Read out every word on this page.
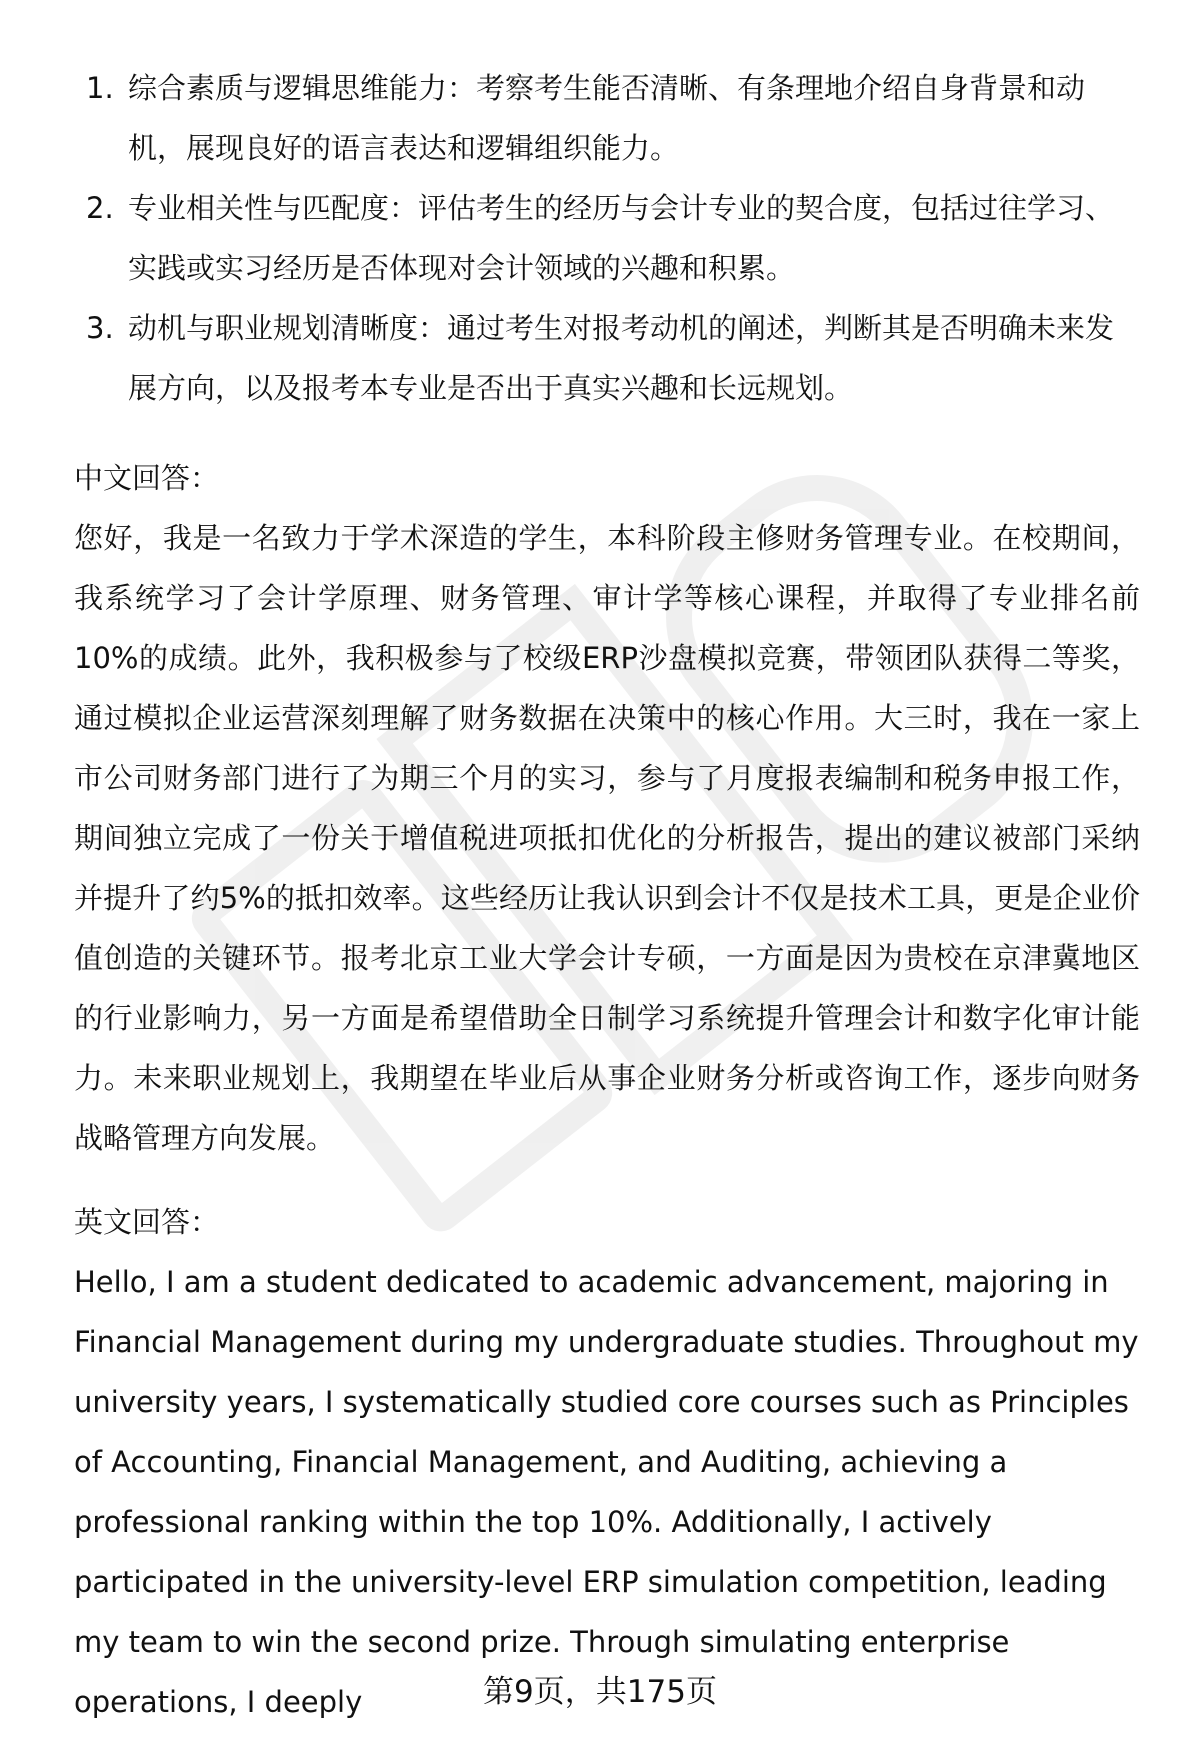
1. 综合素质与逻辑思维能力：考察考生能否清晰、有条理地介绍自身背景和动机，展现良好的语言表达和逻辑组织能力。
2. 专业相关性与匹配度：评估考生的经历与会计专业的契合度，包括过往学习、实践或实习经历是否体现对会计领域的兴趣和积累。
3. 动机与职业规划清晰度：通过考生对报考动机的阐述，判断其是否明确未来发展方向，以及报考本专业是否出于真实兴趣和长远规划。
中文回答：

您好，我是一名致力于学术深造的学生，本科阶段主修财务管理专业。在校期间，我系统学习了会计学原理、财务管理、审计学等核心课程，并取得了专业排名前10%的成绩。此外，我积极参与了校级ERP沙盘模拟竞赛，带领团队获得二等奖，通过模拟企业运营深刻理解了财务数据在决策中的核心作用。大三时，我在一家上市公司财务部门进行了为期三个月的实习，参与了月度报表编制和税务申报工作，期间独立完成了一份关于增值税进项抵扣优化的分析报告，提出的建议被部门采纳并提升了约5%的抵扣效率。这些经历让我认识到会计不仅是技术工具，更是企业价值创造的关键环节。报考北京工业大学会计专硕，一方面是因为贵校在京津冀地区的行业影响力，另一方面是希望借助全日制学习系统提升管理会计和数字化审计能力。未来职业规划上，我期望在毕业后从事企业财务分析或咨询工作，逐步向财务战略管理方向发展。

英文回答：

Hello, I am a student dedicated to academic advancement, majoring in Financial Management during my undergraduate studies. Throughout my university years, I systematically studied core courses such as Principles of Accounting, Financial Management, and Auditing, achieving a professional ranking within the top 10%. Additionally, I actively participated in the university-level ERP simulation competition, leading my team to win the second prize. Through simulating enterprise operations, I deeply	第9页，共175页
